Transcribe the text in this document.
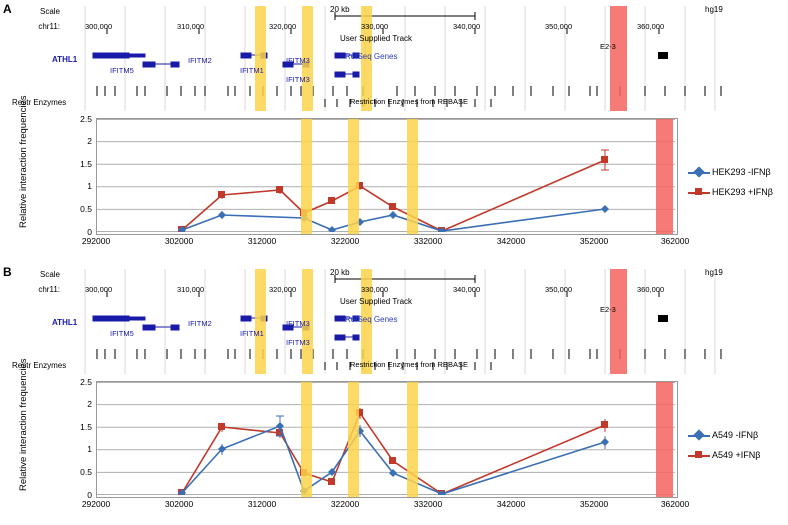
A	Scale
chr11:
20 kb	hg19
300,000	310,000	320,000	330,000	340,000	350,000	360,000
User Supplied Track
RefSeq Genes
ATHL1
IFITM5
IFITM2
IFITM1
IFITM3
IFITM3
Restr Enzymes	Restriction Enzymes from REBASE
E2-3
2.5
2
1.5
1
0.5
0
292000	302000	312000	322000	332000	342000	352000	362000
Relative interaction frequencies	HEK293 -IFNβ
HEK293 +IFNβ
B	Scale
chr11:
20 kb	hg19
300,000	310,000	320,000	330,000	340,000	350,000	360,000
User Supplied Track
RefSeq Genes
ATHL1
IFITM5
IFITM2
IFITM1
IFITM3
IFITM3
Restr Enzymes	Restriction Enzymes from REBASE
E2-3
2.5
2
1.5
1
0.5
0
292000	302000	312000	322000	332000	342000	352000	362000
Relative interaction frequencies	A549 -IFNβ
A549 +IFNβ
